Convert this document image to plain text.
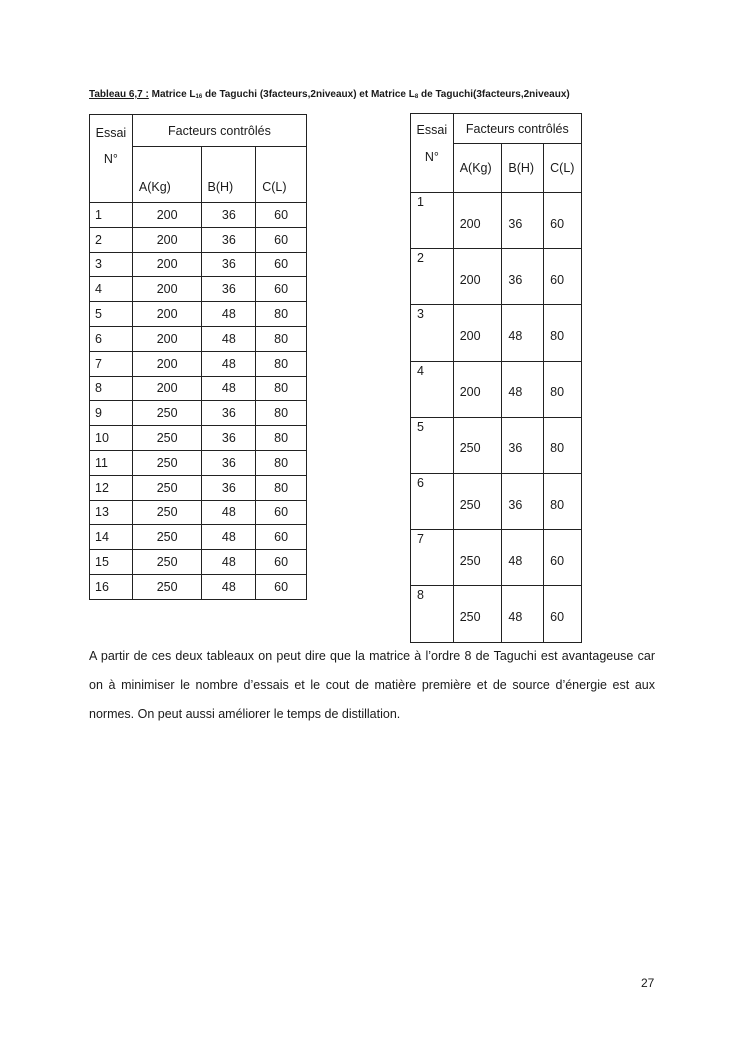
Tableau 6,7 : Matrice $L_{16}$ de Taguchi (3facteurs,2niveaux) et Matrice $L_8$ de Taguchi(3facteurs,2niveaux)
Essai
N°	Facteurs contrôlés		
	A(Kg)	B(H)	C(L)
1	200	36	60
2	200	36	60
3	200	36	60
4	200	36	60
5	200	48	80
6	200	48	80
7	200	48	80
8	200	48	80
9	250	36	80
10	250	36	80
11	250	36	80
12	250	36	80
13	250	48	60
14	250	48	60
15	250	48	60
16	250	48	60
Essai
N°	Facteurs contrôlés		
	A(Kg)	B(H)	C(L)
1	200	36	60
2	200	36	60
3	200	48	80
4	200	48	80
5	250	36	80
6	250	36	80
7	250	48	60
8	250	48	60

A partir de ces deux tableaux on peut dire que la matrice à l’ordre 8 de Taguchi est avantageuse car on à minimiser le nombre d’essais et le cout de matière première et de source d’énergie est aux normes. On peut aussi améliorer le temps de distillation.

27
